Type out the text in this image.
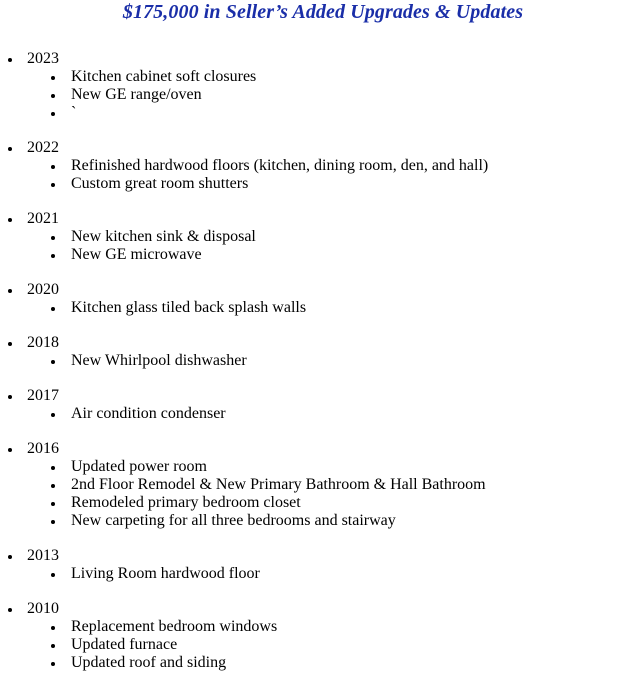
$175,000 in Seller’s Added Upgrades & Updates
2023
Kitchen cabinet soft closures
New GE range/oven
`
2022
Refinished hardwood floors (kitchen, dining room, den, and hall)
Custom great room shutters
2021
New kitchen sink & disposal
New GE microwave
2020
Kitchen glass tiled back splash walls
2018
New Whirlpool dishwasher
2017
Air condition condenser
2016
Updated power room
2nd Floor Remodel & New Primary Bathroom & Hall Bathroom
Remodeled primary bedroom closet
New carpeting for all three bedrooms and stairway
2013
Living Room hardwood floor
2010
Replacement bedroom windows
Updated furnace
Updated roof and siding
